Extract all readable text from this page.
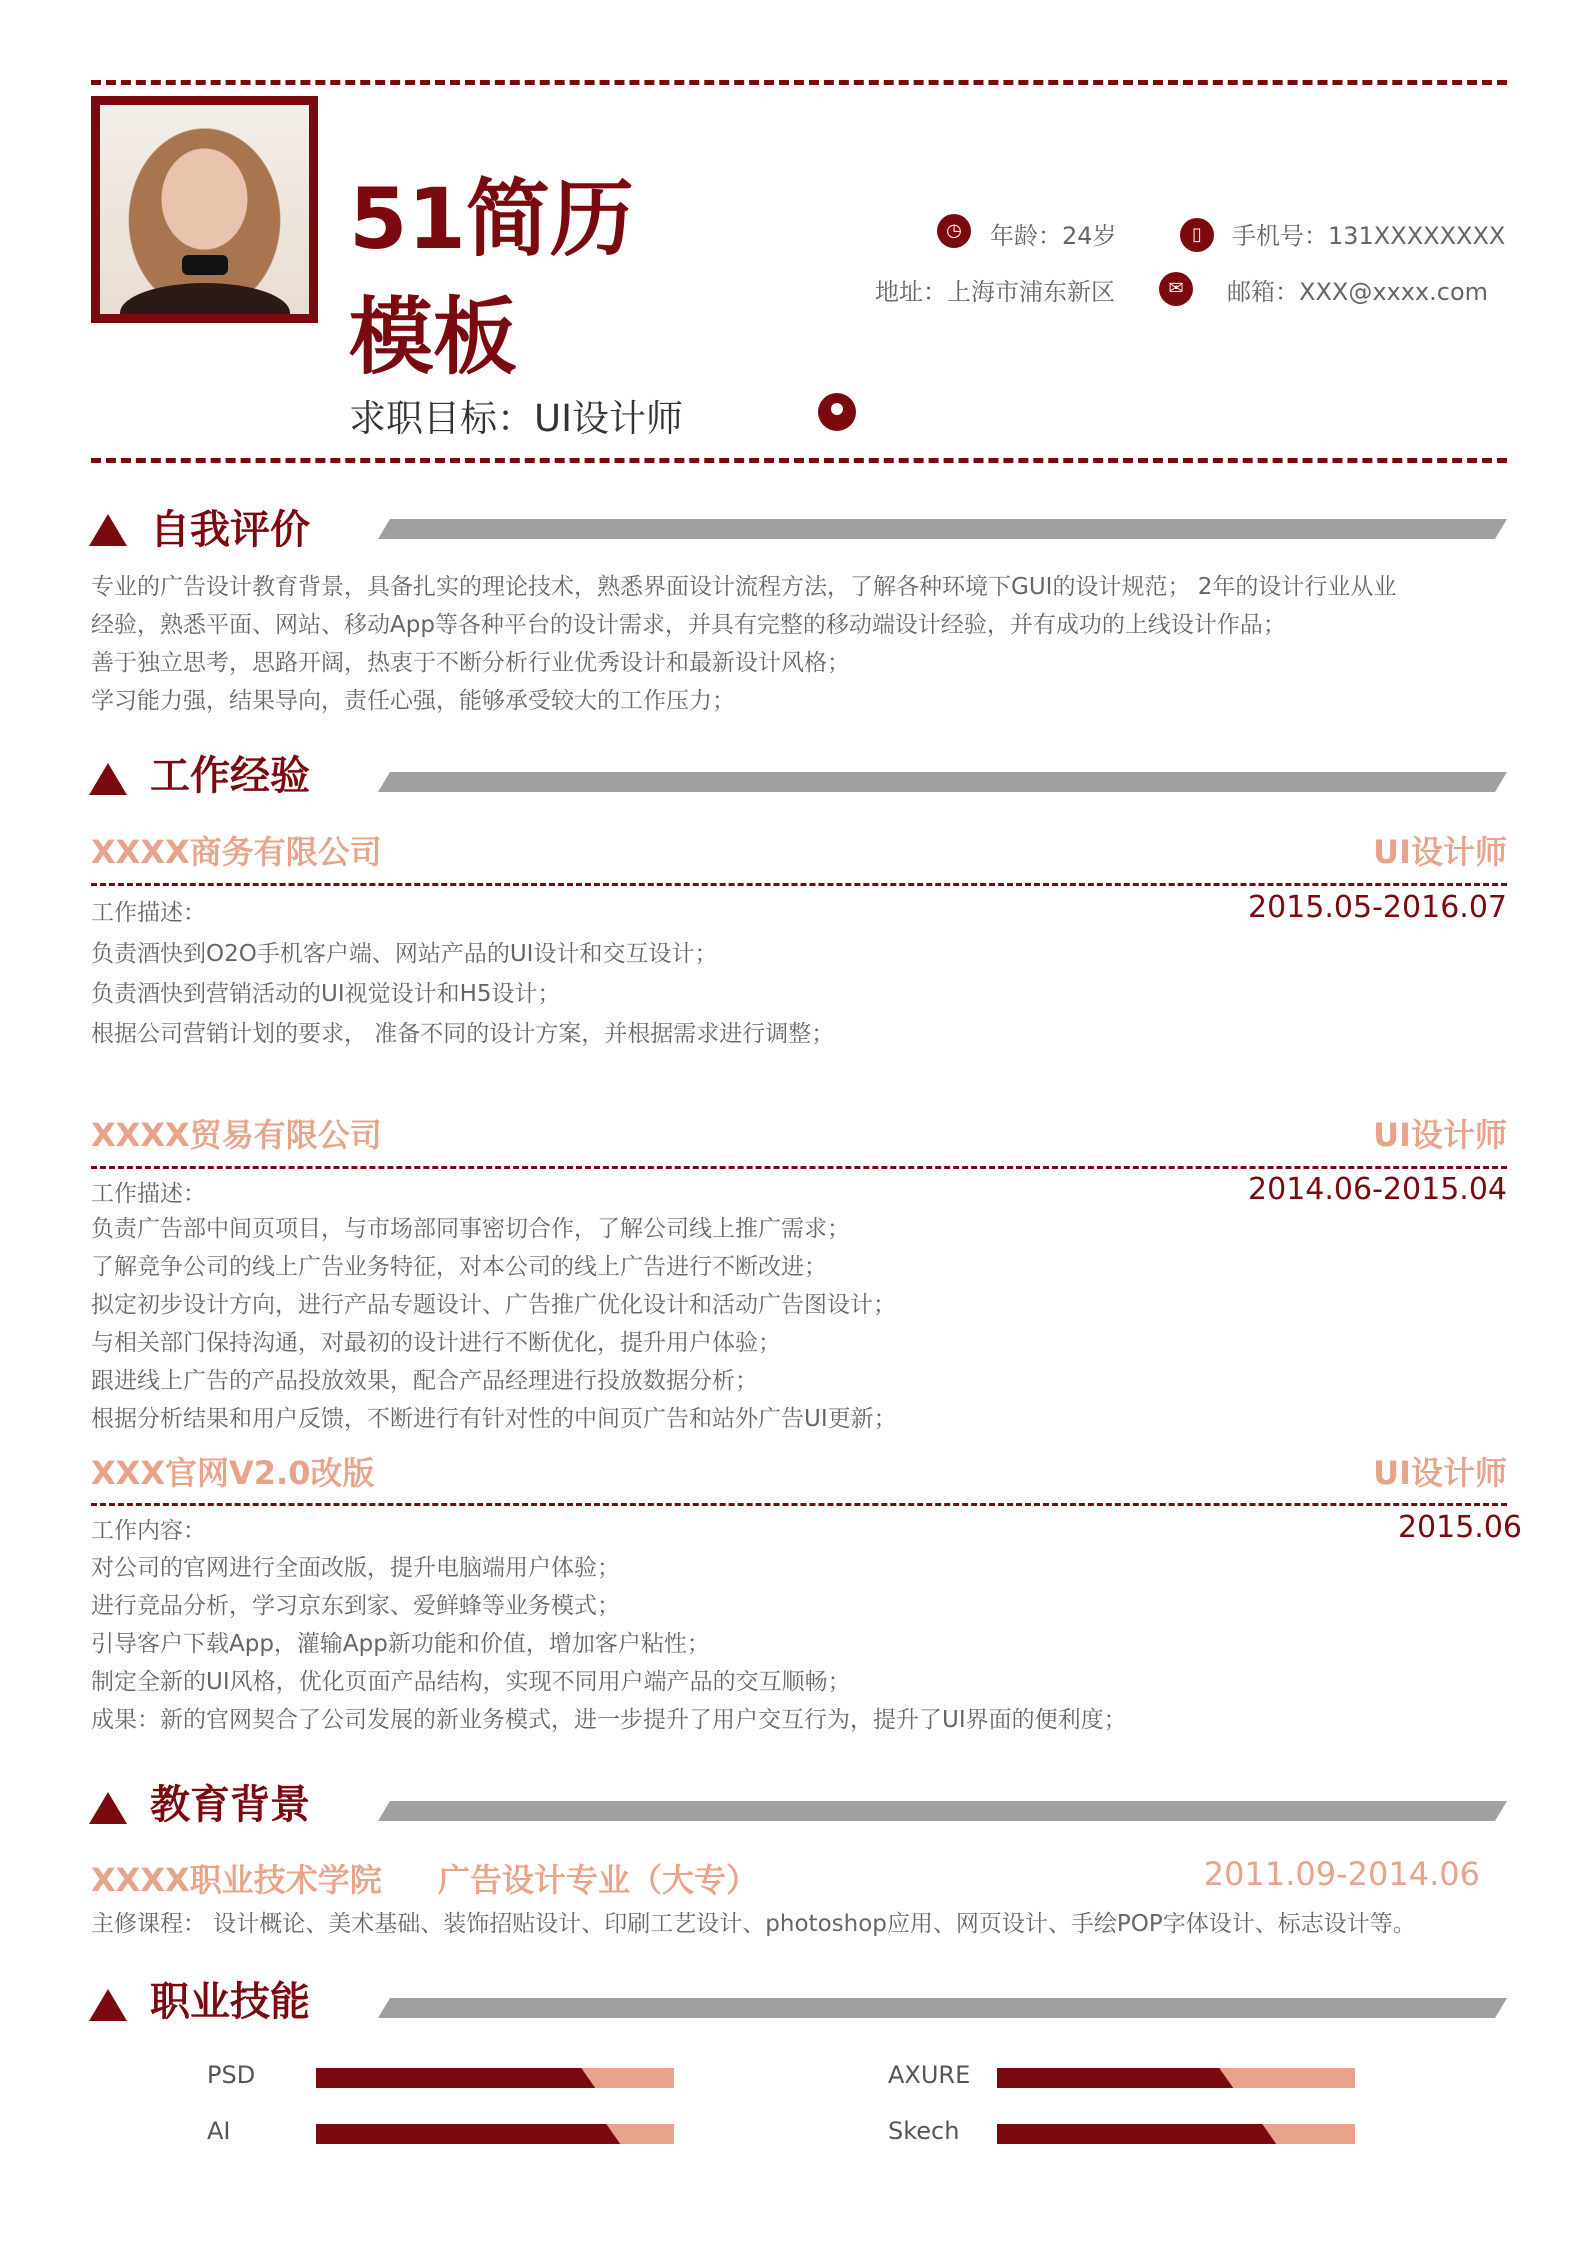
51简历
模板
求职目标：UI设计师
◷	年龄：24岁	▯	手机号：131XXXXXXXX
地址：上海市浦东新区	✉	邮箱：XXX@xxxx.com
自我评价
专业的广告设计教育背景，具备扎实的理论技术，熟悉界面设计流程方法，了解各种环境下GUI的设计规范； 2年的设计行业从业
经验，熟悉平面、网站、移动App等各种平台的设计需求，并具有完整的移动端设计经验，并有成功的上线设计作品；
善于独立思考，思路开阔，热衷于不断分析行业优秀设计和最新设计风格；
学习能力强，结果导向，责任心强，能够承受较大的工作压力；
工作经验
XXXX商务有限公司	UI设计师
工作描述：	2015.05-2016.07
负责酒快到O2O手机客户端、网站产品的UI设计和交互设计；
负责酒快到营销活动的UI视觉设计和H5设计；
根据公司营销计划的要求， 准备不同的设计方案，并根据需求进行调整；
XXXX贸易有限公司	UI设计师
工作描述：	2014.06-2015.04
负责广告部中间页项目，与市场部同事密切合作，了解公司线上推广需求；
了解竞争公司的线上广告业务特征，对本公司的线上广告进行不断改进；
拟定初步设计方向，进行产品专题设计、广告推广优化设计和活动广告图设计；
与相关部门保持沟通，对最初的设计进行不断优化，提升用户体验；
跟进线上广告的产品投放效果，配合产品经理进行投放数据分析；
根据分析结果和用户反馈，不断进行有针对性的中间页广告和站外广告UI更新；
XXX官网V2.0改版	UI设计师
工作内容：	2015.06
对公司的官网进行全面改版，提升电脑端用户体验；
进行竞品分析，学习京东到家、爱鲜蜂等业务模式；
引导客户下载App，灌输App新功能和价值，增加客户粘性；
制定全新的UI风格，优化页面产品结构，实现不同用户端产品的交互顺畅；
成果：新的官网契合了公司发展的新业务模式，进一步提升了用户交互行为，提升了UI界面的便利度；
教育背景
XXXX职业技术学院 广告设计专业（大专）	2011.09-2014.06
主修课程： 设计概论、美术基础、装饰招贴设计、印刷工艺设计、photoshop应用、网页设计、手绘POP字体设计、标志设计等。
职业技能
PSD	AXURE
AI	Skech
